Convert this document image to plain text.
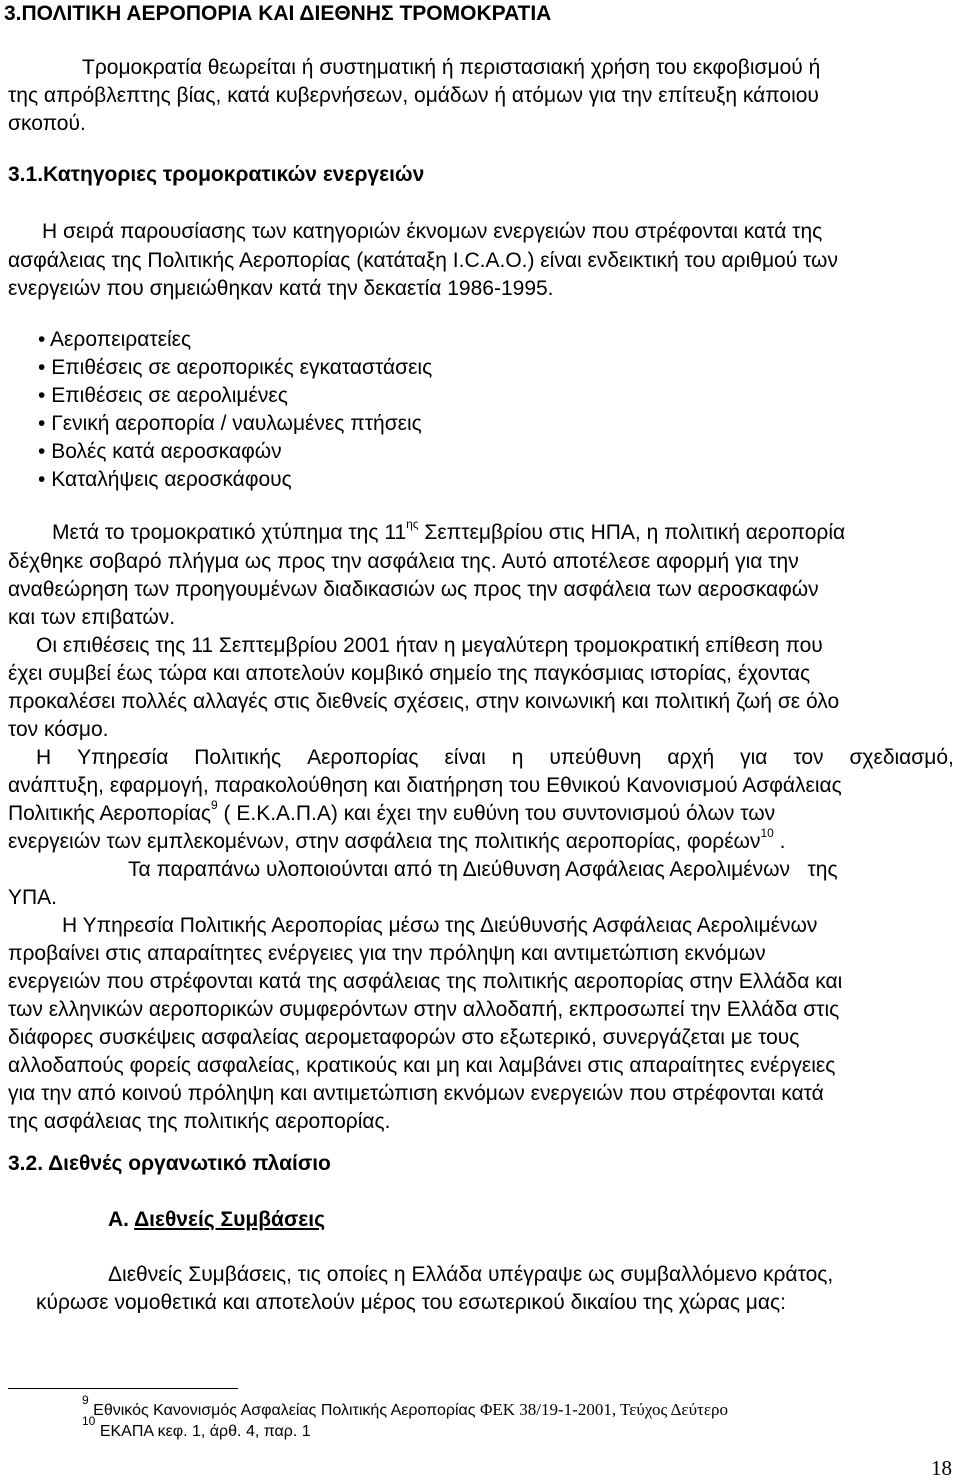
3.ΠΟΛΙΤΙΚΗ ΑΕΡΟΠΟΡΙΑ ΚΑΙ ΔΙΕΘΝΗΣ ΤΡΟΜΟΚΡΑΤΙΑ
Τρομοκρατία θεωρείται ή συστηματική ή περιστασιακή χρήση του εκφοβισμού ή
της απρόβλεπτης βίας, κατά κυβερνήσεων, ομάδων ή ατόμων για την επίτευξη κάποιου
σκοπού.
3.1.Κατηγοριες τρομοκρατικών ενεργειών
Η σειρά παρουσίασης των κατηγοριών έκνομων ενεργειών που στρέφονται κατά της
ασφάλειας της Πολιτικής Αεροπορίας (κατάταξη I.C.A.O.) είναι ενδεικτική του αριθμού των
ενεργειών που σημειώθηκαν κατά την δεκαετία 1986-1995.
• Αεροπειρατείες
• Επιθέσεις σε αεροπορικές εγκαταστάσεις
• Επιθέσεις σε αερολιμένες
• Γενική αεροπορία / ναυλωμένες πτήσεις
• Βολές κατά αεροσκαφών
• Καταλήψεις αεροσκάφους
Μετά το τρομοκρατικό χτύπημα της $11^{\eta\varsigma}$ Σεπτεμβρίου στις ΗΠΑ, η πολιτική αεροπορία
δέχθηκε σοβαρό πλήγμα ως προς την ασφάλεια της. Αυτό αποτέλεσε αφορμή για την
αναθεώρηση των προηγουμένων διαδικασιών ως προς την ασφάλεια των αεροσκαφών
και των επιβατών.
Οι επιθέσεις της 11 Σεπτεμβρίου 2001 ήταν η μεγαλύτερη τρομοκρατική επίθεση που
έχει συμβεί έως τώρα και αποτελούν κομβικό σημείο της παγκόσμιας ιστορίας, έχοντας
προκαλέσει πολλές αλλαγές στις διεθνείς σχέσεις, στην κοινωνική και πολιτική ζωή σε όλο
τον κόσμο.
Η Υπηρεσία Πολιτικής Αεροπορίας είναι η υπεύθυνη αρχή για τον σχεδιασμό,
ανάπτυξη, εφαρμογή, παρακολούθηση και διατήρηση του Εθνικού Κανονισμού Ασφάλειας
Πολιτικής Αεροπορίας$^9$ ( Ε.Κ.Α.Π.Α) και έχει την ευθύνη του συντονισμού όλων των
ενεργειών των εμπλεκομένων, στην ασφάλεια της πολιτικής αεροπορίας, φορέων$^{10}$ .
Τα παραπάνω υλοποιούνται από τη Διεύθυνση Ασφάλειας Αερολιμένων   της
ΥΠΑ.
Η Υπηρεσία Πολιτικής Αεροπορίας μέσω της Διεύθυνσής Ασφάλειας Αερολιμένων
προβαίνει στις απαραίτητες ενέργειες για την πρόληψη και αντιμετώπιση εκνόμων
ενεργειών που στρέφονται κατά της ασφάλειας της πολιτικής αεροπορίας στην Ελλάδα και
των ελληνικών αεροπορικών συμφερόντων στην αλλοδαπή, εκπροσωπεί την Ελλάδα στις
διάφορες συσκέψεις ασφαλείας αερομεταφορών στο εξωτερικό, συνεργάζεται με τους
αλλοδαπούς φορείς ασφαλείας, κρατικούς και μη και λαμβάνει στις απαραίτητες ενέργειες
για την από κοινού πρόληψη και αντιμετώπιση εκνόμων ενεργειών που στρέφονται κατά
της ασφάλειας της πολιτικής αεροπορίας.
3.2. Διεθνές οργανωτικό πλαίσιο
Α. Διεθνείς Συμβάσεις
Διεθνείς Συμβάσεις, τις οποίες η Ελλάδα υπέγραψε ως συμβαλλόμενο κράτος,
κύρωσε νομοθετικά και αποτελούν μέρος του εσωτερικού δικαίου της χώρας μας:
$^9$ Εθνικός Κανονισμός Ασφαλείας Πολιτικής Αεροπορίας ΦΕΚ 38/19-1-2001, Τεύχος Δεύτερο
$^{10}$ ΕΚΑΠΑ κεφ. 1, άρθ. 4, παρ. 1
18
